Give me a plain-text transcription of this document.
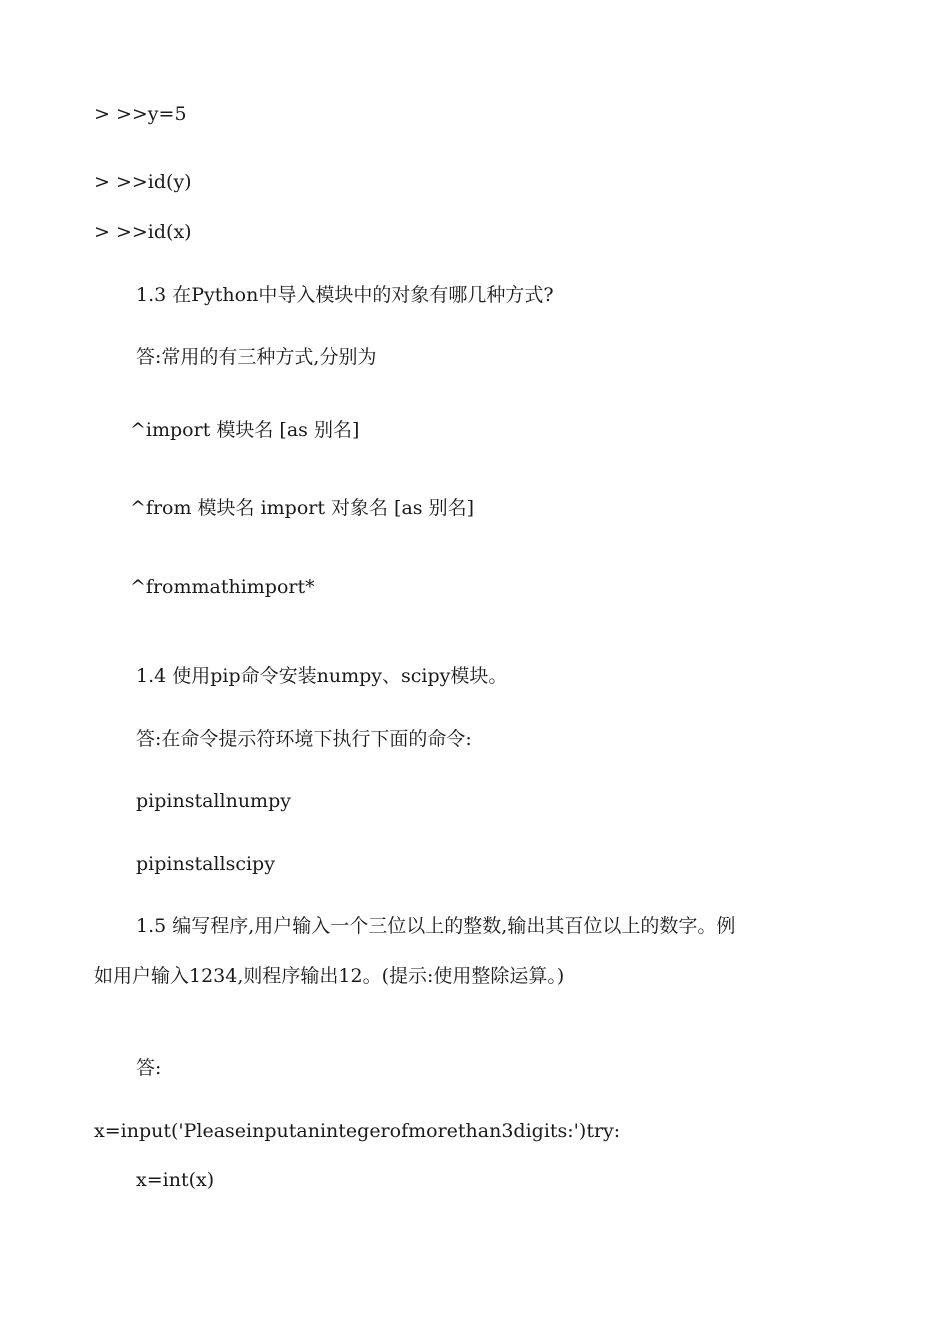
> >>y=5
> >>id(y)
> >>id(x)
1.3 在Python中导入模块中的对象有哪几种方式?
答:常用的有三种方式,分别为
^import 模块名 [as 别名]
^from 模块名 import 对象名 [as 别名]
^frommathimport*
1.4 使用pip命令安装numpy、scipy模块。
答:在命令提示符环境下执行下面的命令:
pipinstallnumpy
pipinstallscipy
1.5 编写程序,用户输入一个三位以上的整数,输出其百位以上的数字。例
如用户输入1234,则程序输出12。(提示:使用整除运算。)
答:
x=input('Pleaseinputanintegerofmorethan3digits:')try:
x=int(x)
